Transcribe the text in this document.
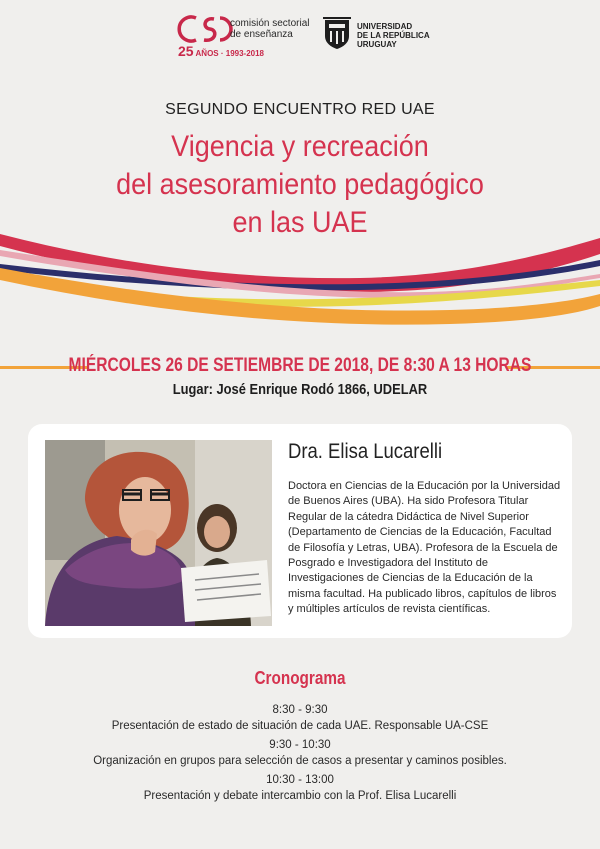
comisión sectorial
de enseñanza
25 AÑOS · 1993-2018
UNIVERSIDAD
DE LA REPÚBLICA
URUGUAY
SEGUNDO ENCUENTRO RED UAE
Vigencia y recreación
del asesoramiento pedagógico
en las UAE
MIÉRCOLES 26 DE SETIEMBRE DE 2018, DE 8:30 A 13 HORAS
Lugar: José Enrique Rodó 1866, UDELAR
Dra. Elisa Lucarelli
Doctora en Ciencias de la Educación por la Universidad de Buenos Aires (UBA). Ha sido Profesora Titular Regular de la cátedra Didáctica de Nivel Superior (Departamento de Ciencias de la Educación, Facultad de Filosofía y Letras, UBA). Profesora de la Escuela de Posgrado e Investigadora del Instituto de Investigaciones de Ciencias de la Educación de la misma facultad. Ha publicado libros, capítulos de libros y múltiples artículos de revista científicas.
Cronograma
8:30 - 9:30
Presentación de estado de situación de cada UAE. Responsable UA-CSE
9:30 - 10:30
Organización en grupos para selección de casos a presentar y caminos posibles.
10:30 - 13:00
Presentación y debate intercambio con la Prof. Elisa Lucarelli
